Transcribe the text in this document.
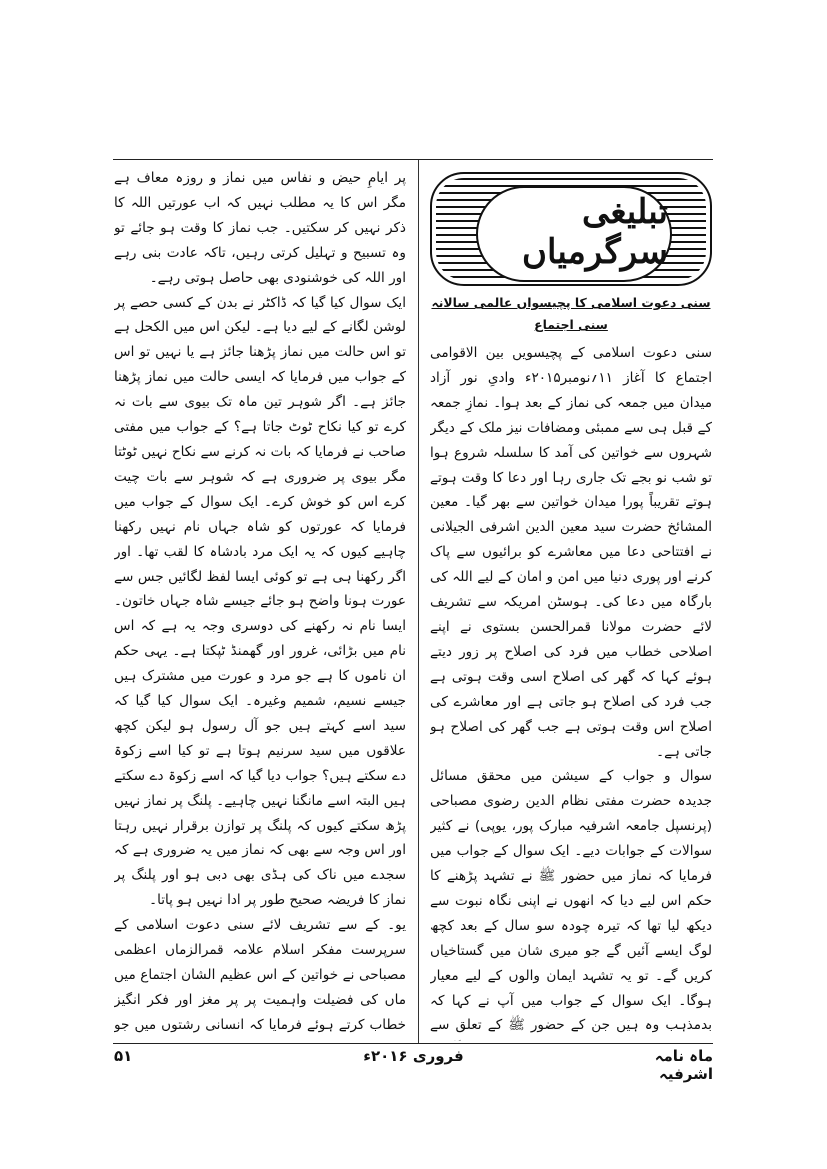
تبلیغی سرگرمیاں
سنی دعوت اسلامی کا پچیسواں عالمی سالانہ سنی اجتماع

سنی دعوت اسلامی کے پچیسویں بین الاقوامی اجتماع کا آغاز ۱۱؍نومبر۲۰۱۵ء وادیِ نور آزاد میدان میں جمعہ کی نماز کے بعد ہوا۔ نمازِ جمعہ کے قبل ہی سے ممبئی ومضافات نیز ملک کے دیگر شہروں سے خواتین کی آمد کا سلسلہ شروع ہوا تو شب نو بجے تک جاری رہا اور دعا کا وقت ہوتے ہوتے تقریباً پورا میدان خواتین سے بھر گیا۔ معین المشائخ حضرت سید معین الدین اشرفی الجیلانی نے افتتاحی دعا میں معاشرے کو برائیوں سے پاک کرنے اور پوری دنیا میں امن و امان کے لیے اللہ کی بارگاہ میں دعا کی۔ ہوسٹن امریکہ سے تشریف لائے حضرت مولانا قمرالحسن بستوی نے اپنے اصلاحی خطاب میں فرد کی اصلاح پر زور دیتے ہوئے کہا کہ گھر کی اصلاح اسی وقت ہوتی ہے جب فرد کی اصلاح ہو جاتی ہے اور معاشرے کی اصلاح اس وقت ہوتی ہے جب گھر کی اصلاح ہو جاتی ہے۔

سوال و جواب کے سیشن میں محقق مسائل جدیدہ حضرت مفتی نظام الدین رضوی مصباحی (پرنسپل جامعہ اشرفیہ مبارک پور، یوپی) نے کثیر سوالات کے جوابات دیے۔ ایک سوال کے جواب میں فرمایا کہ نماز میں حضور ﷺ نے تشہد پڑھنے کا حکم اس لیے دیا کہ انھوں نے اپنی نگاہ نبوت سے دیکھ لیا تھا کہ تیرہ چودہ سو سال کے بعد کچھ لوگ ایسے آئیں گے جو میری شان میں گستاخیاں کریں گے۔ تو یہ تشہد ایمان والوں کے لیے معیار ہوگا۔ ایک سوال کے جواب میں آپ نے کہا کہ بدمذہب وہ ہیں جن کے حضور ﷺ کے تعلق سے

پر ایامِ حیض و نفاس میں نماز و روزہ معاف ہے مگر اس کا یہ مطلب نہیں کہ اب عورتیں اللہ کا ذکر نہیں کر سکتیں۔ جب نماز کا وقت ہو جائے تو وہ تسبیح و تہلیل کرتی رہیں، تاکہ عادت بنی رہے اور اللہ کی خوشنودی بھی حاصل ہوتی رہے۔

ایک سوال کیا گیا کہ ڈاکٹر نے بدن کے کسی حصے پر لوشن لگانے کے لیے دیا ہے۔ لیکن اس میں الکحل ہے تو اس حالت میں نماز پڑھنا جائز ہے یا نہیں تو اس کے جواب میں فرمایا کہ ایسی حالت میں نماز پڑھنا جائز ہے۔ اگر شوہر تین ماہ تک بیوی سے بات نہ کرے تو کیا نکاح ٹوٹ جاتا ہے؟ کے جواب میں مفتی صاحب نے فرمایا کہ بات نہ کرنے سے نکاح نہیں ٹوٹتا مگر بیوی پر ضروری ہے کہ شوہر سے بات چیت کرے اس کو خوش کرے۔ ایک سوال کے جواب میں فرمایا کہ عورتوں کو شاہ جہاں نام نہیں رکھنا چاہیے کیوں کہ یہ ایک مرد بادشاہ کا لقب تھا۔ اور اگر رکھنا ہی ہے تو کوئی ایسا لفظ لگائیں جس سے عورت ہونا واضح ہو جائے جیسے شاہ جہاں خاتون۔ ایسا نام نہ رکھنے کی دوسری وجہ یہ ہے کہ اس نام میں بڑائی، غرور اور گھمنڈ ٹپکتا ہے۔ یہی حکم ان ناموں کا ہے جو مرد و عورت میں مشترک ہیں جیسے نسیم، شمیم وغیرہ۔ ایک سوال کیا گیا کہ سید اسے کہتے ہیں جو آل رسول ہو لیکن کچھ علاقوں میں سید سرنیم ہوتا ہے تو کیا اسے زکوۃ دے سکتے ہیں؟ جواب دیا گیا کہ اسے زکوۃ دے سکتے ہیں البتہ اسے مانگنا نہیں چاہیے۔ پلنگ پر نماز نہیں پڑھ سکتے کیوں کہ پلنگ پر توازن برقرار نہیں رہتا اور اس وجہ سے بھی کہ نماز میں یہ ضروری ہے کہ سجدے میں ناک کی ہڈی بھی دبی ہو اور پلنگ پر نماز کا فریضہ صحیح طور پر ادا نہیں ہو پاتا۔

یو۔ کے سے تشریف لائے سنی دعوت اسلامی کے سرپرست مفکر اسلام علامہ قمرالزماں اعظمی مصباحی نے خواتین کے اس عظیم الشان اجتماع میں ماں کی فضیلت واہمیت پر پر مغز اور فکر انگیز خطاب کرتے ہوئے فرمایا کہ انسانی رشتوں میں جو

ماہ نامہ اشرفیہ
فروری ۲۰۱۶ء
۵۱
